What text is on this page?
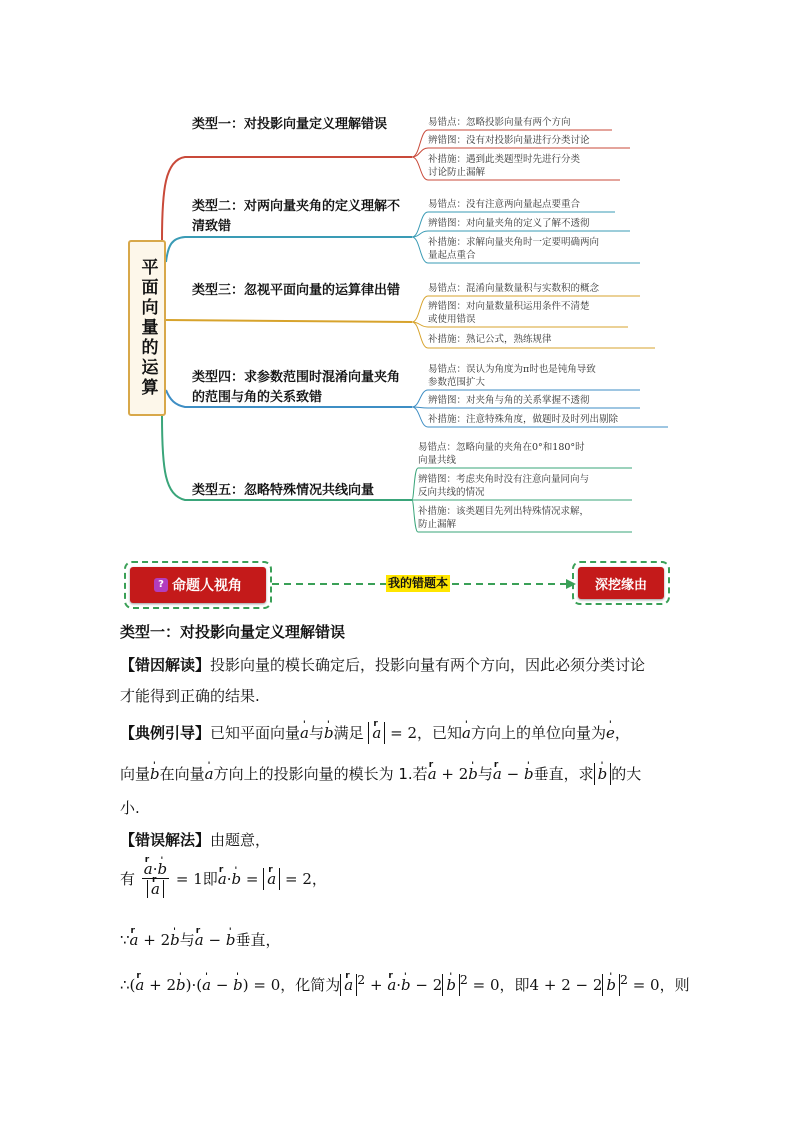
平面向量的运算
类型一：对投影向量定义理解错误
类型二：对两向量夹角的定义理解不清致错
类型三：忽视平面向量的运算律出错
类型四：求参数范围时混淆向量夹角的范围与角的关系致错
类型五：忽略特殊情况共线向量
易错点：忽略投影向量有两个方向
辨错图：没有对投影向量进行分类讨论
补措施：遇到此类题型时先进行分类
讨论防止漏解
易错点：没有注意两向量起点要重合
辨错图：对向量夹角的定义了解不透彻
补措施：求解向量夹角时一定要明确两向
量起点重合
易错点：混淆向量数量积与实数积的概念
辨错图：对向量数量积运用条件不清楚
或使用错误
补措施：熟记公式，熟练规律
易错点：误认为角度为π时也是钝角导致
参数范围扩大
辨错图：对夹角与角的关系掌握不透彻
补措施：注意特殊角度，做题时及时列出剔除
易错点：忽略向量的夹角在0°和180°时
向量共线
辨错图：考虑夹角时没有注意向量同向与
反向共线的情况
补措施：该类题目先列出特殊情况求解，
防止漏解
? 命题人视角	我的错题本	深挖缘由
类型一：对投影向量定义理解错误
【错因解读】投影向量的模长确定后，投影向量有两个方向，因此必须分类讨论
才能得到正确的结果.
【典例引导】已知平面向量' a与' b满足 r a = 2，已知' a方向上的单位向量为' e，
向量' b在向量' a方向上的投影向量的模长为 1.若r a + 2' b与r a − ' b垂直，求 ' b 的大
小.
【错误解法】由题意，
有 r a·' b
r a = 1即r a·' b = r a = 2，
∵r a + 2' b与r a − ' b垂直，
∴(r a + 2' b)·(' a − ' b) = 0，化简为 r a $^2$ + r a·' b − 2 ' b $^2$ = 0，即4 + 2 − 2 ' b $^2$ = 0，则
